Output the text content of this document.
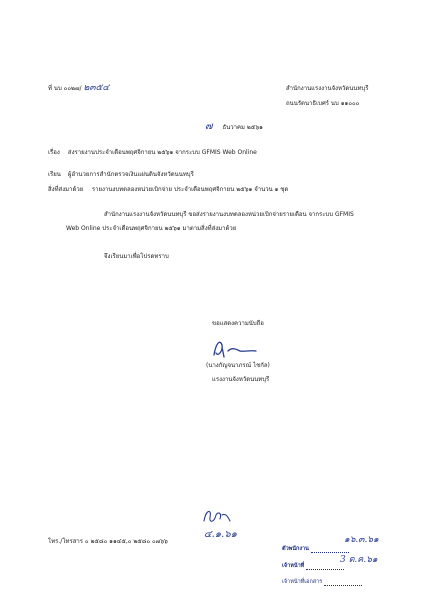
ที่ นบ ๐๐๒๗/ ๒๓๕๔	สำนักงานแรงงานจังหวัดนนทบุรี
ถนนรัตนาธิเบศร์ นบ ๑๑๐๐๐
๗ ธันวาคม ๒๕๖๑
เรื่อง ส่งรายงานประจำเดือนพฤศจิกายน ๒๕๖๑ จากระบบ GFMIS Web Online
เรียน ผู้อำนวยการสำนักตรวจเงินแผ่นดินจังหวัดนนทบุรี
สิ่งที่ส่งมาด้วย รายงานงบทดลองหน่วยเบิกจ่าย ประจำเดือนพฤศจิกายน ๒๕๖๑ จำนวน ๑ ชุด
สำนักงานแรงงานจังหวัดนนทบุรี ขอส่งรายงานงบทดลองหน่วยเบิกจ่ายรายเดือน จากระบบ GFMIS
Web Online ประจำเดือนพฤศจิกายน ๒๕๖๑ มาตามสิ่งที่ส่งมาด้วย
จึงเรียนมาเพื่อโปรดทราบ
ขอแสดงความนับถือ
(นางกัญจนาภรณ์ ไชกัล)
แรงงานจังหวัดนนทบุรี
๔.๑.๖๑
โทร./โทรสาร ๐ ๒๕๘๐ ๑๑๔๕,๐ ๒๕๘๐ ๐๗๖๖
ตัวพนักงาน
เจ้าหน้าที่
เจ้าหน้าที่เอกสาร
๑๖.๓.๖๑
3 ต.ค.๖๑
